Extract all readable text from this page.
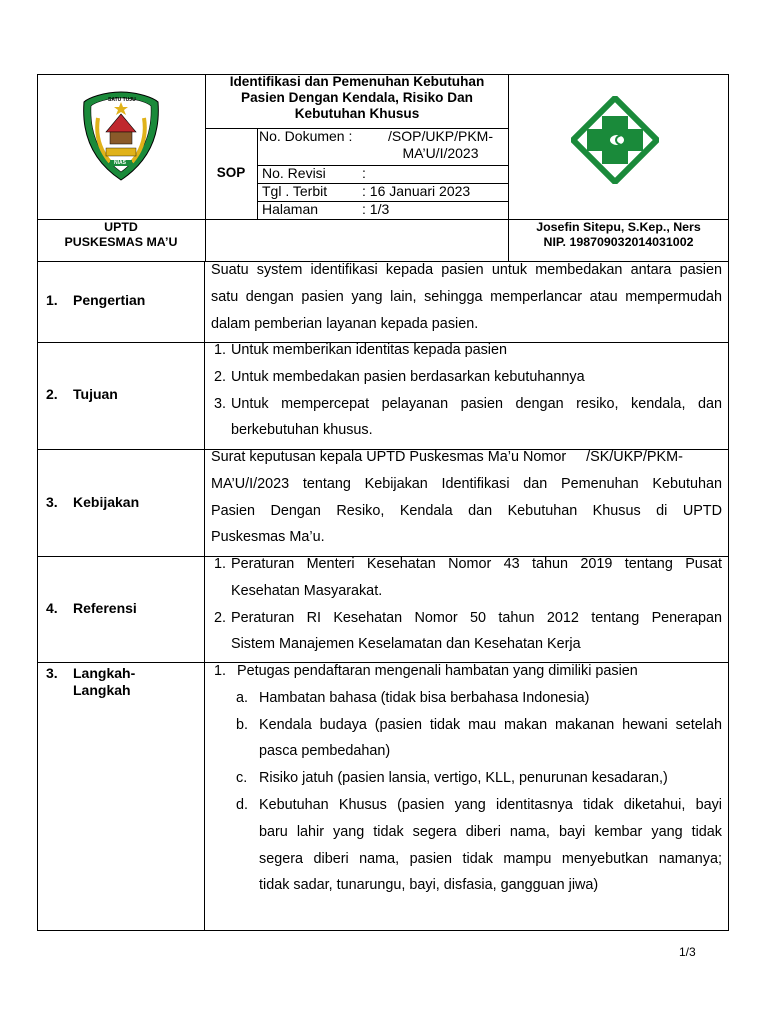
SATU TUJU
NIAS
Identifikasi dan Pemenuhan Kebutuhan
Pasien Dengan Kendala, Risiko Dan
Kebutuhan Khusus
SOP
No. Dokumen :	/SOP/UKP/PKM-
MA’U/I/2023
No. Revisi	:
Tgl . Terbit : 16 Januari 2023
Halaman	: 1/3
UPTD
PUSKESMAS MA’U
Josefin Sitepu, S.Kep., Ners
NIP. 198709032014031002
1. Pengertian
Suatu system identifikasi kepada pasien untuk membedakan antara pasien
satu dengan pasien yang lain, sehingga memperlancar atau mempermudah
dalam pemberian layanan kepada pasien.
2. Tujuan
1. Untuk memberikan identitas kepada pasien
2. Untuk membedakan pasien berdasarkan kebutuhannya
3. Untuk mempercepat pelayanan pasien dengan resiko, kendala, dan
berkebutuhan khusus.
3. Kebijakan
Surat keputusan kepala UPTD Puskesmas Ma’u Nomor     /SK/UKP/PKM-
MA’U/I/2023 tentang Kebijakan Identifikasi dan Pemenuhan Kebutuhan
Pasien Dengan Resiko, Kendala dan Kebutuhan Khusus di UPTD
Puskesmas Ma’u.
4. Referensi
1. Peraturan Menteri Kesehatan Nomor 43 tahun 2019 tentang Pusat
Kesehatan Masyarakat.
2. Peraturan RI Kesehatan Nomor 50 tahun 2012 tentang Penerapan
Sistem Manajemen Keselamatan dan Kesehatan Kerja
3. Langkah-
Langkah
1. Petugas pendaftaran mengenali hambatan yang dimiliki pasien
a. Hambatan bahasa (tidak bisa berbahasa Indonesia)
b. Kendala budaya (pasien tidak mau makan makanan hewani setelah
pasca pembedahan)
c. Risiko jatuh (pasien lansia, vertigo, KLL, penurunan kesadaran,)
d. Kebutuhan Khusus (pasien yang identitasnya tidak diketahui, bayi
baru lahir yang tidak segera diberi nama, bayi kembar yang tidak
segera diberi nama, pasien tidak mampu menyebutkan namanya;
tidak sadar, tunarungu, bayi, disfasia, gangguan jiwa)
1/3
